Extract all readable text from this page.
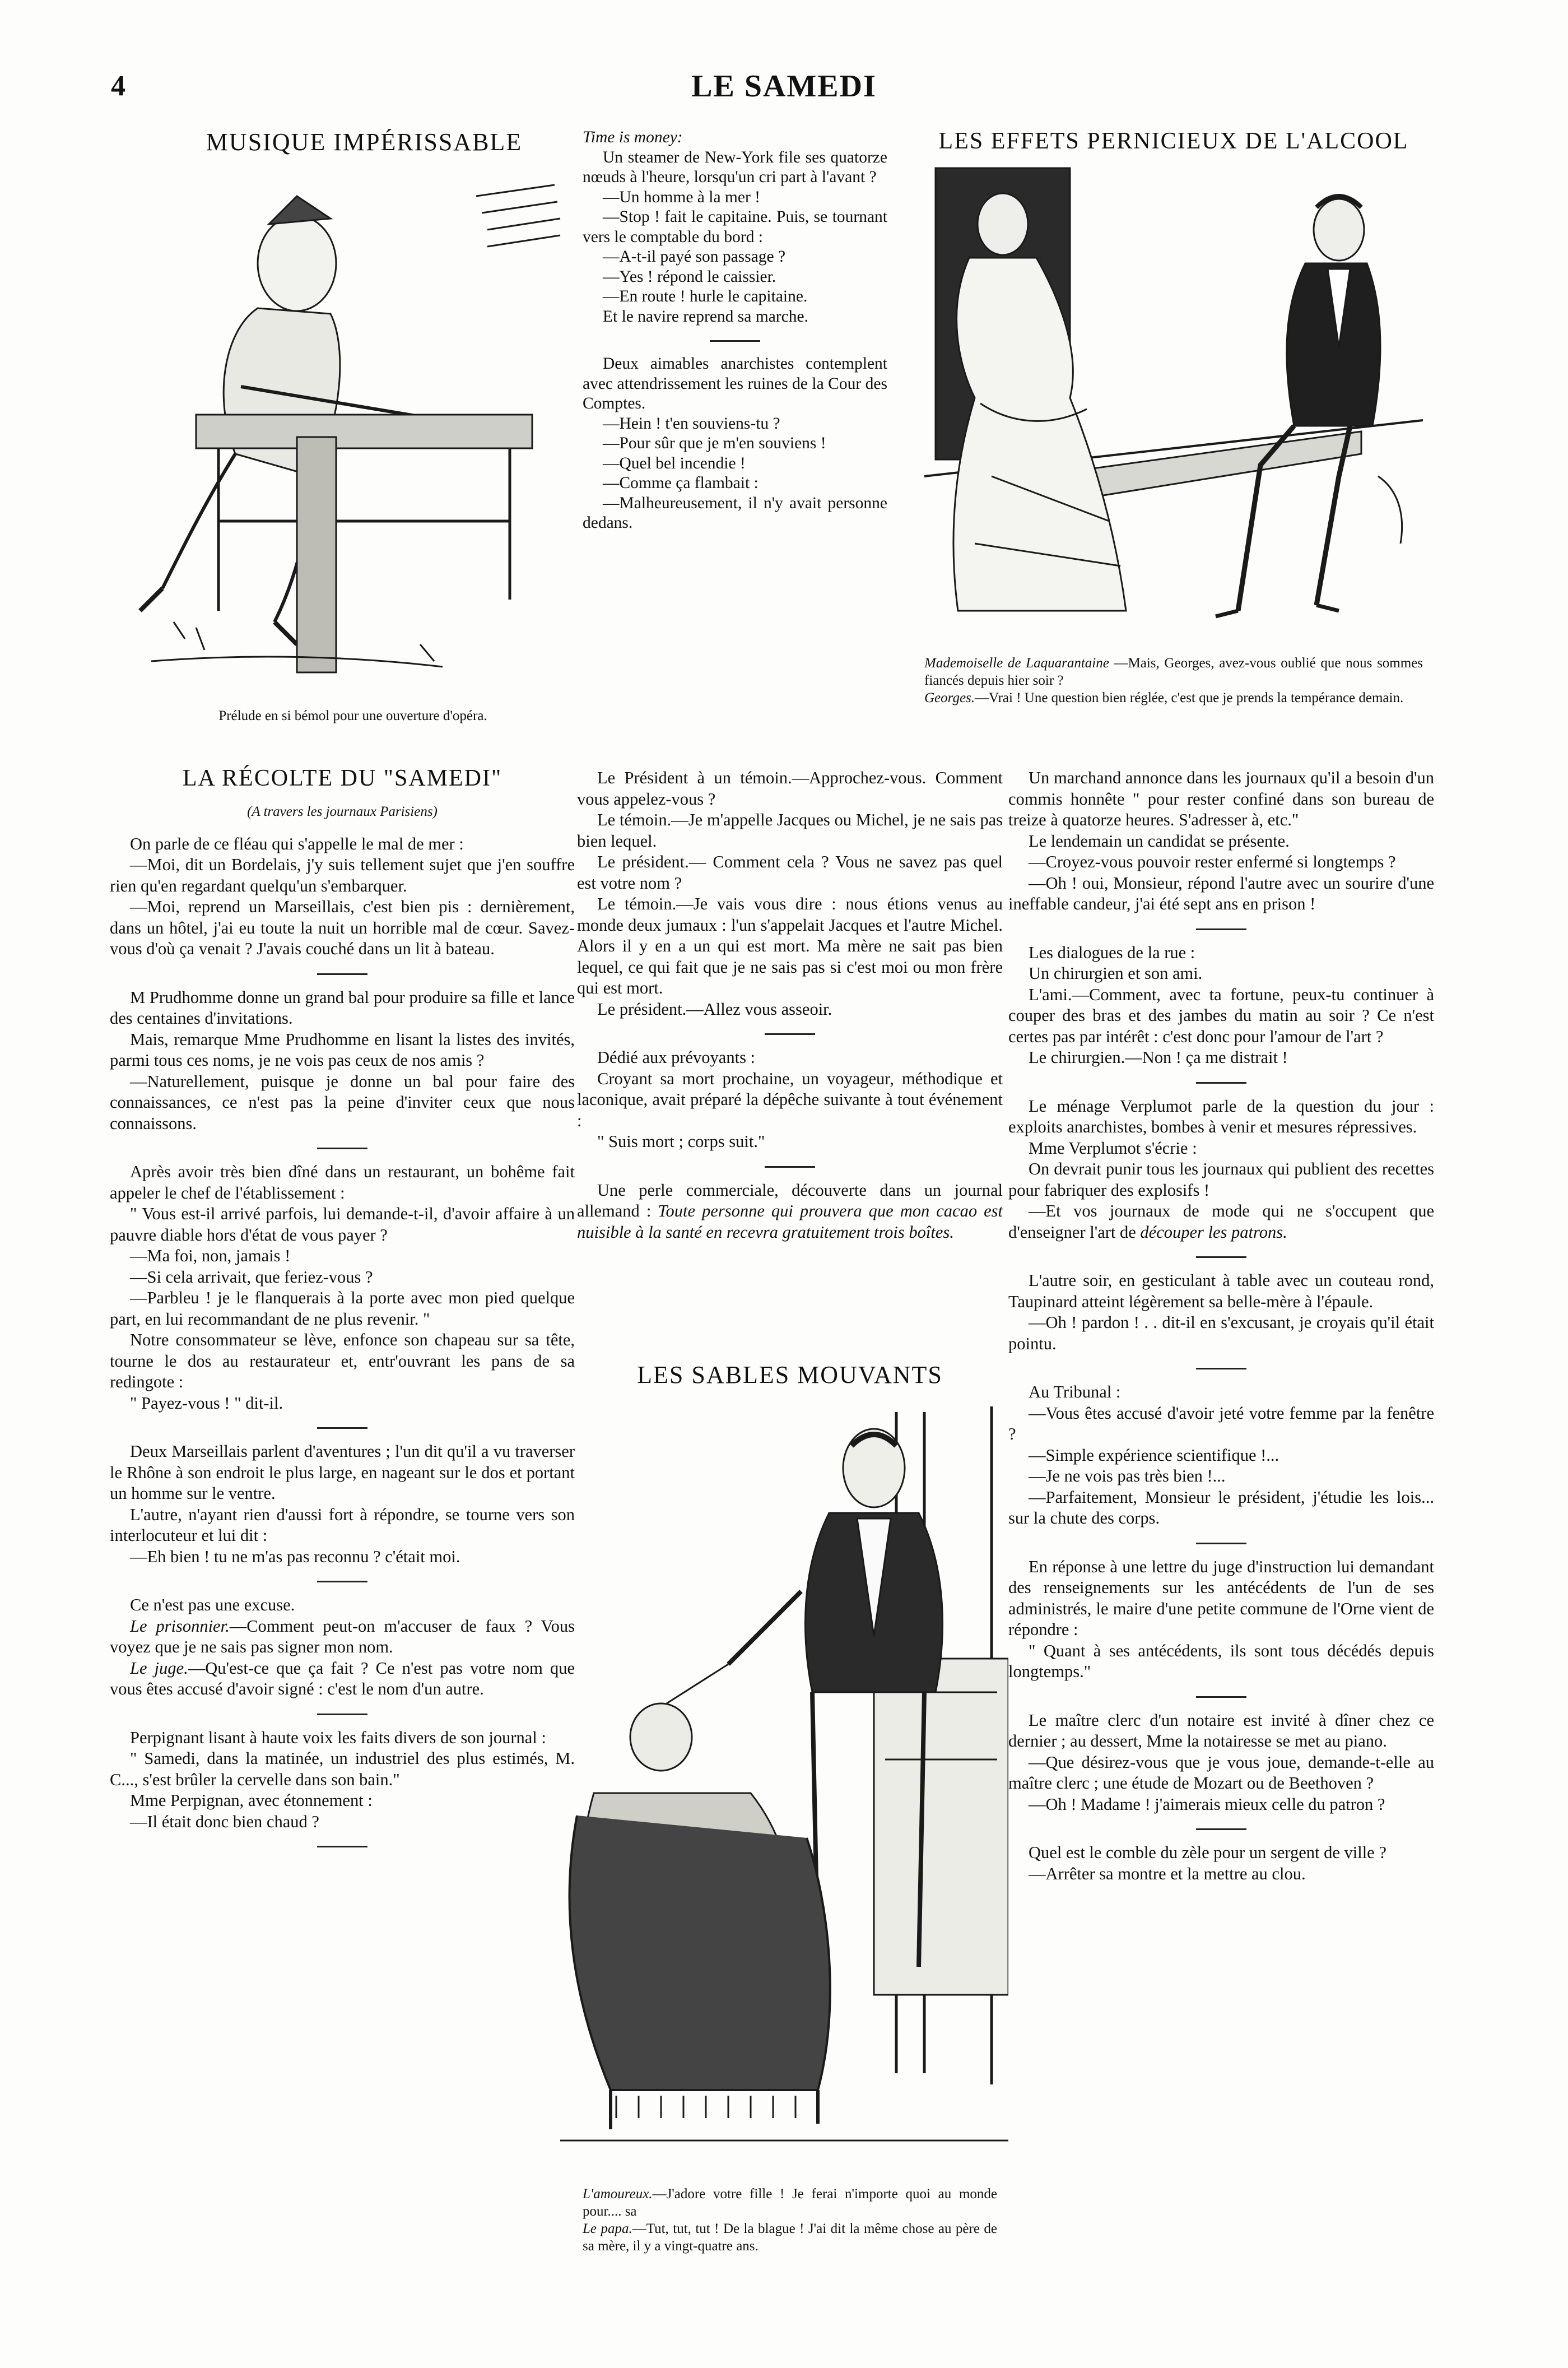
4	LE SAMEDI
MUSIQUE IMPÉRISSABLE
Prélude en si bémol pour une ouverture d'opéra.

Time is money:

Un steamer de New-York file ses quatorze nœuds à l'heure, lorsqu'un cri part à l'avant ?

—Un homme à la mer !

—Stop ! fait le capitaine. Puis, se tournant vers le comptable du bord :

—A-t-il payé son passage ?

—Yes ! répond le caissier.

—En route ! hurle le capitaine.

Et le navire reprend sa marche.

Deux aimables anarchistes contemplent avec attendrissement les ruines de la Cour des Comptes.

—Hein ! t'en souviens-tu ?

—Pour sûr que je m'en souviens !

—Quel bel incendie !

—Comme ça flambait :

—Malheureusement, il n'y avait personne dedans.

LES EFFETS PERNICIEUX DE L'ALCOOL
Mademoiselle de Laquarantaine —Mais, Georges, avez-vous oublié que nous sommes fiancés depuis hier soir ?
Georges.—Vrai ! Une question bien réglée, c'est que je prends la tempérance demain.
LA RÉCOLTE DU "SAMEDI"
(A travers les journaux Parisiens)

On parle de ce fléau qui s'appelle le mal de mer :

—Moi, dit un Bordelais, j'y suis tellement sujet que j'en souffre rien qu'en regardant quelqu'un s'embarquer.

—Moi, reprend un Marseillais, c'est bien pis : dernièrement, dans un hôtel, j'ai eu toute la nuit un horrible mal de cœur. Savez-vous d'où ça venait ? J'avais couché dans un lit à bateau.

M Prudhomme donne un grand bal pour produire sa fille et lance des centaines d'invitations.

Mais, remarque Mme Prudhomme en lisant la listes des invités, parmi tous ces noms, je ne vois pas ceux de nos amis ?

—Naturellement, puisque je donne un bal pour faire des connaissances, ce n'est pas la peine d'inviter ceux que nous connaissons.

Après avoir très bien dîné dans un restaurant, un bohême fait appeler le chef de l'établissement :

" Vous est-il arrivé parfois, lui demande-t-il, d'avoir affaire à un pauvre diable hors d'état de vous payer ?

—Ma foi, non, jamais !

—Si cela arrivait, que feriez-vous ?

—Parbleu ! je le flanquerais à la porte avec mon pied quelque part, en lui recommandant de ne plus revenir. "

Notre consommateur se lève, enfonce son chapeau sur sa tête, tourne le dos au restaurateur et, entr'ouvrant les pans de sa redingote :

" Payez-vous ! " dit-il.

Deux Marseillais parlent d'aventures ; l'un dit qu'il a vu traverser le Rhône à son endroit le plus large, en nageant sur le dos et portant un homme sur le ventre.

L'autre, n'ayant rien d'aussi fort à répondre, se tourne vers son interlocuteur et lui dit :

—Eh bien ! tu ne m'as pas reconnu ? c'était moi.

Ce n'est pas une excuse.

Le prisonnier.—Comment peut-on m'accuser de faux ? Vous voyez que je ne sais pas signer mon nom.

Le juge.—Qu'est-ce que ça fait ? Ce n'est pas votre nom que vous êtes accusé d'avoir signé : c'est le nom d'un autre.

Perpignant lisant à haute voix les faits divers de son journal :

" Samedi, dans la matinée, un industriel des plus estimés, M. C..., s'est brûler la cervelle dans son bain."

Mme Perpignan, avec étonnement :

—Il était donc bien chaud ?

Le Président à un témoin.—Approchez-vous. Comment vous appelez-vous ?

Le témoin.—Je m'appelle Jacques ou Michel, je ne sais pas bien lequel.

Le président.— Comment cela ? Vous ne savez pas quel est votre nom ?

Le témoin.—Je vais vous dire : nous étions venus au monde deux jumaux : l'un s'appelait Jacques et l'autre Michel. Alors il y en a un qui est mort. Ma mère ne sait pas bien lequel, ce qui fait que je ne sais pas si c'est moi ou mon frère qui est mort.

Le président.—Allez vous asseoir.

Dédié aux prévoyants :

Croyant sa mort prochaine, un voyageur, méthodique et laconique, avait préparé la dépêche suivante à tout événement :

" Suis mort ; corps suit."

Une perle commerciale, découverte dans un journal allemand : Toute personne qui prouvera que mon cacao est nuisible à la santé en recevra gratuitement trois boîtes.

LES SABLES MOUVANTS
L'amoureux.—J'adore votre fille ! Je ferai n'importe quoi au monde pour.... sa
Le papa.—Tut, tut, tut ! De la blague ! J'ai dit la même chose au père de sa mère, il y a vingt-quatre ans.

Un marchand annonce dans les journaux qu'il a besoin d'un commis honnête " pour rester confiné dans son bureau de treize à quatorze heures. S'adresser à, etc."

Le lendemain un candidat se présente.

—Croyez-vous pouvoir rester enfermé si longtemps ?

—Oh ! oui, Monsieur, répond l'autre avec un sourire d'une ineffable candeur, j'ai été sept ans en prison !

Les dialogues de la rue :

Un chirurgien et son ami.

L'ami.—Comment, avec ta fortune, peux-tu continuer à couper des bras et des jambes du matin au soir ? Ce n'est certes pas par intérêt : c'est donc pour l'amour de l'art ?

Le chirurgien.—Non ! ça me distrait !

Le ménage Verplumot parle de la question du jour : exploits anarchistes, bombes à venir et mesures répressives.

Mme Verplumot s'écrie :

On devrait punir tous les journaux qui publient des recettes pour fabriquer des explosifs !

—Et vos journaux de mode qui ne s'occupent que d'enseigner l'art de découper les patrons.

L'autre soir, en gesticulant à table avec un couteau rond, Taupinard atteint légèrement sa belle-mère à l'épaule.

—Oh ! pardon ! . . dit-il en s'excusant, je croyais qu'il était pointu.

Au Tribunal :

—Vous êtes accusé d'avoir jeté votre femme par la fenêtre ?

—Simple expérience scientifique !...

—Je ne vois pas très bien !...

—Parfaitement, Monsieur le président, j'étudie les lois... sur la chute des corps.

En réponse à une lettre du juge d'instruction lui demandant des renseignements sur les antécédents de l'un de ses administrés, le maire d'une petite commune de l'Orne vient de répondre :

" Quant à ses antécédents, ils sont tous décédés depuis longtemps."

Le maître clerc d'un notaire est invité à dîner chez ce dernier ; au dessert, Mme la notairesse se met au piano.

—Que désirez-vous que je vous joue, demande-t-elle au maître clerc ; une étude de Mozart ou de Beethoven ?

—Oh ! Madame ! j'aimerais mieux celle du patron ?

Quel est le comble du zèle pour un sergent de ville ?

—Arrêter sa montre et la mettre au clou.
